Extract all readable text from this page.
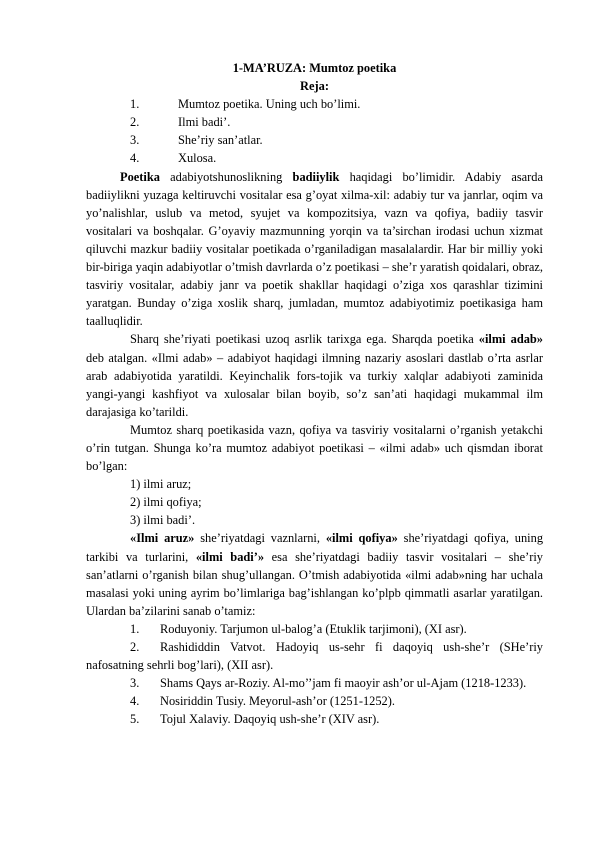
1-MA’RUZA: Mumtoz poetika
Reja:
1.	Mumtoz poetika. Uning uch bo’limi.
2.	Ilmi badi’.
3.	She’riy san’atlar.
4.	Xulosa.

Poetika adabiyotshunoslikning badiiylik haqidagi bo’limidir. Adabiy asarda badiiylikni yuzaga keltiruvchi vositalar esa g’oyat xilma-xil: adabiy tur va janrlar, oqim va yo’nalishlar, uslub va metod, syujet va kompozitsiya, vazn va qofiya, badiiy tasvir vositalari va boshqalar. G’oyaviy mazmunning yorqin va ta’sirchan irodasi uchun xizmat qiluvchi mazkur badiiy vositalar poetikada o’rganiladigan masalalardir. Har bir milliy yoki bir-biriga yaqin adabiyotlar o’tmish davrlarda o’z poetikasi – she’r yaratish qoidalari, obraz, tasviriy vositalar, adabiy janr va poetik shakllar haqidagi o’ziga xos qarashlar tizimini yaratgan. Bunday o’ziga xoslik sharq, jumladan, mumtoz adabiyotimiz poetikasiga ham taalluqlidir.

Sharq she’riyati poetikasi uzoq asrlik tarixga ega. Sharqda poetika «ilmi adab» deb atalgan. «Ilmi adab» – adabiyot haqidagi ilmning nazariy asoslari dastlab o’rta asrlar arab adabiyotida yaratildi. Keyinchalik fors-tojik va turkiy xalqlar adabiyoti zaminida yangi-yangi kashfiyot va xulosalar bilan boyib, so’z san’ati haqidagi mukammal ilm darajasiga ko’tarildi.

Mumtoz sharq poetikasida vazn, qofiya va tasviriy vositalarni o’rganish yetakchi o’rin tutgan. Shunga ko’ra mumtoz adabiyot poetikasi – «ilmi adab» uch qismdan iborat bo’lgan:

1) ilmi aruz;
2) ilmi qofiya;
3) ilmi badi’.

«Ilmi aruz» she’riyatdagi vaznlarni, «ilmi qofiya» she’riyatdagi qofiya, uning tarkibi va turlarini, «ilmi badi’» esa she’riyatdagi badiiy tasvir vositalari – she’riy san’atlarni o’rganish bilan shug’ullangan. O’tmish adabiyotida «ilmi adab»ning har uchala masalasi yoki uning ayrim bo’limlariga bag’ishlangan ko’plpb qimmatli asarlar yaratilgan. Ulardan ba’zilarini sanab o’tamiz:

1. Roduyoniy. Tarjumon ul-balog’a (Etuklik tarjimoni), (XI asr).

2. Rashididdin Vatvot. Hadoyiq us-sehr fi daqoyiq ush-she’r (SHe’riy nafosatning sehrli bog’lari), (XII asr).

3. Shams Qays ar-Roziy. Al-mo’’jam fi maoyir ash’or ul-Ajam (1218-1233).

4. Nosiriddin Tusiy. Meyorul-ash’or (1251-1252).

5. Tojul Xalaviy. Daqoyiq ush-she’r (XIV asr).
